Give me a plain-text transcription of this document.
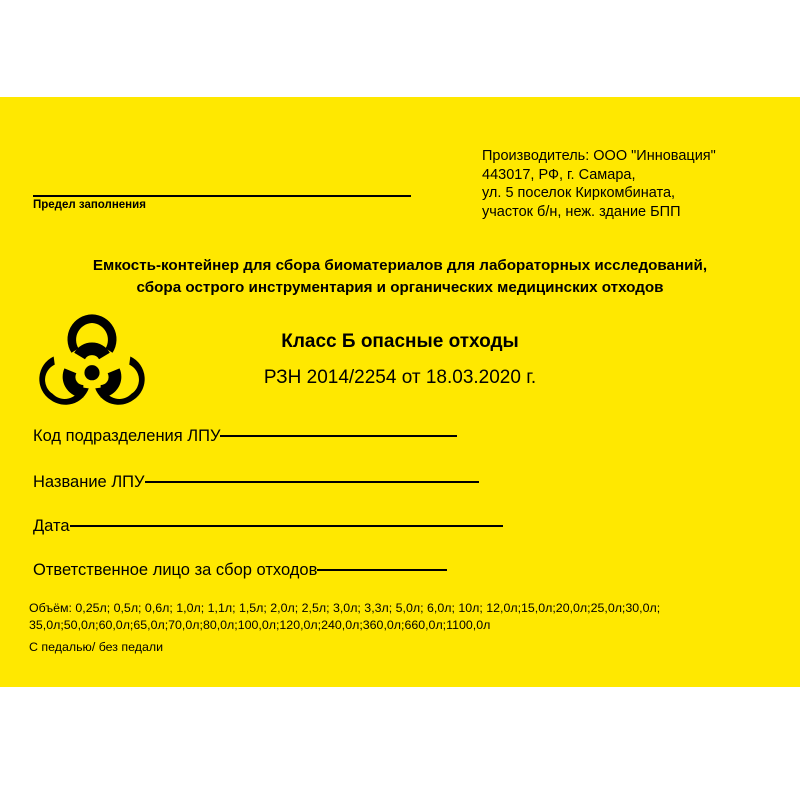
Производитель: ООО "Инновация"
443017, РФ, г. Самара,
ул. 5 поселок Киркомбината,
участок б/н, неж. здание БПП
Предел заполнения
Емкость-контейнер для сбора биоматериалов для лабораторных исследований,
сбора острого инструментария и органических медицинских отходов
Класс Б опасные отходы
РЗН 2014/2254 от 18.03.2020 г.
Код подразделения ЛПУ
Название ЛПУ
Дата
Ответственное лицо за сбор отходов
Объём: 0,25л; 0,5л; 0,6л; 1,0л; 1,1л; 1,5л; 2,0л; 2,5л; 3,0л; 3,3л; 5,0л; 6,0л; 10л; 12,0л;15,0л;20,0л;25,0л;30,0л;
35,0л;50,0л;60,0л;65,0л;70,0л;80,0л;100,0л;120,0л;240,0л;360,0л;660,0л;1100,0л
С педалью/ без педали
